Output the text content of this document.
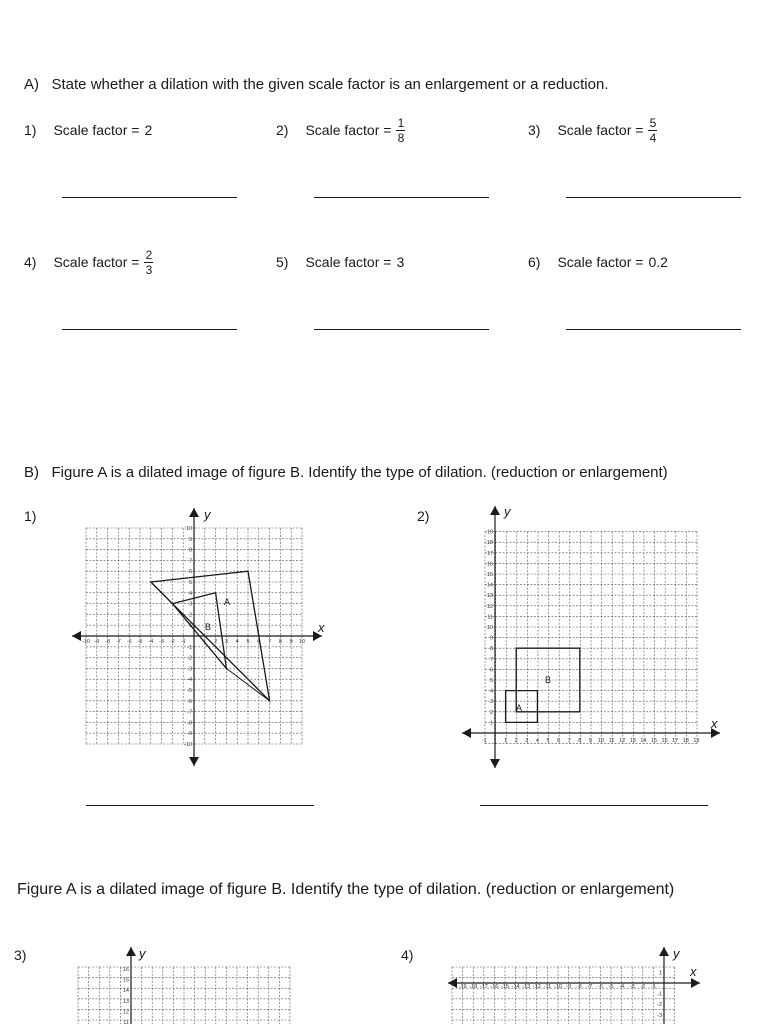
A)   State whether a dilation with the given scale factor is an enlargement or a reduction.
1) Scale factor = 2	2) Scale factor = $\frac{1}{8}$	3) Scale factor = $\frac{5}{4}$
4) Scale factor = $\frac{2}{3}$	5) Scale factor = 3	6) Scale factor = 0.2
B)   Figure A is a dilated image of figure B. Identify the type of dilation. (reduction or enlargement)
1)	2)
x
y
-10 -9 -8 -7 -6 -5 -4 -3 -2 -1	1 2 3 4 5 6 7 8 9 10
10
9
8
7
6
5
4
3
2
1
-1
-2
-3
-4
-5
-6
-7
-8
-9
-10
A
B
x
y
1 2 3 4 5 6 7 8 9 10 11 12 13 14 15 16 17 18 19
-1
19
18
17
16
15
14
13
12
11
10
9
8
7
6
5
4
3
2
1
B
A
y
16
15
14
13
12
11
x
y
-19 -18 -17 -16 -15 -14 -13 -12 -11 -10 -9 -8 -7 -6 -5 -4 -3 -2 -1
1
-1
-2
-3
Figure A is a dilated image of figure B. Identify the type of dilation. (reduction or enlargement)
3)	4)
